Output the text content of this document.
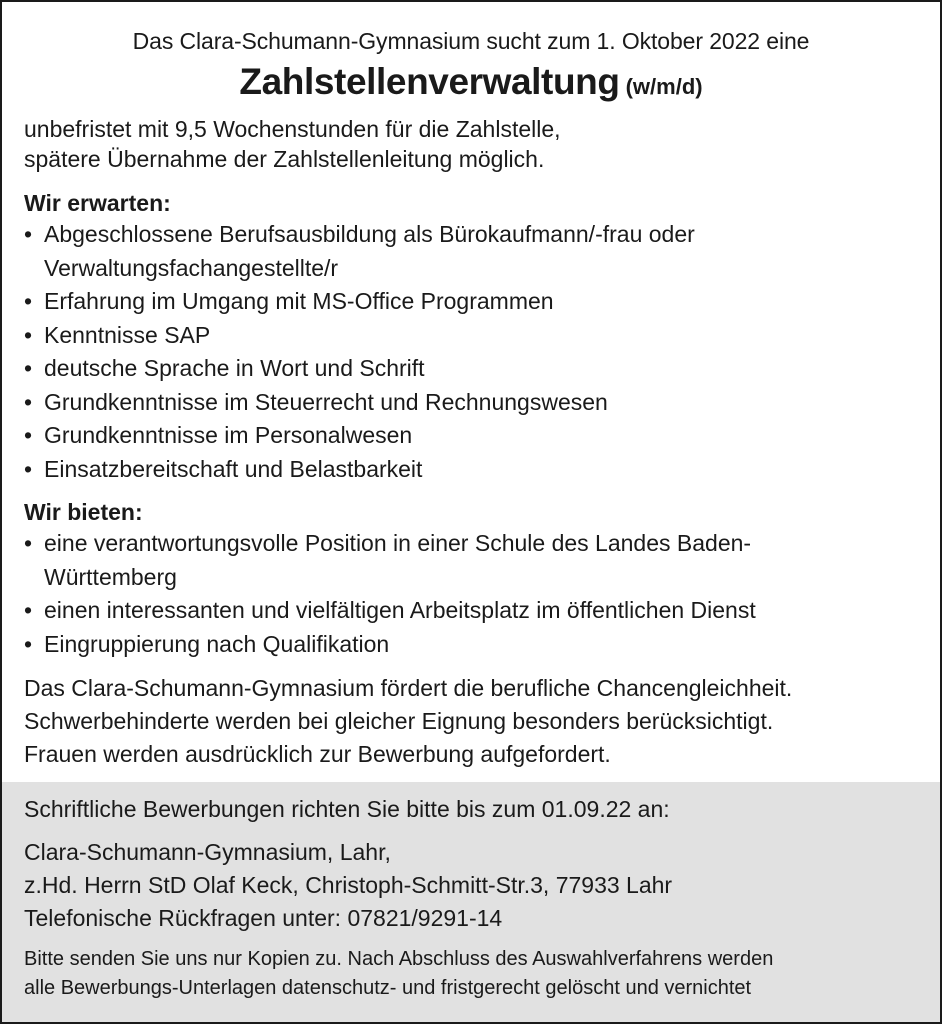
Das Clara-Schumann-Gymnasium sucht zum 1. Oktober 2022 eine

Zahlstellenverwaltung (w/m/d)

unbefristet mit 9,5 Wochenstunden für die Zahlstelle,
spätere Übernahme der Zahlstellenleitung möglich.

Wir erwarten:

• Abgeschlossene Berufsausbildung als Bürokaufmann/-frau oder
Verwaltungsfachangestellte/r
• Erfahrung im Umgang mit MS-Office Programmen
• Kenntnisse SAP
• deutsche Sprache in Wort und Schrift
• Grundkenntnisse im Steuerrecht und Rechnungswesen
• Grundkenntnisse im Personalwesen
• Einsatzbereitschaft und Belastbarkeit

Wir bieten:

• eine verantwortungsvolle Position in einer Schule des Landes Baden-
Württemberg
• einen interessanten und vielfältigen Arbeitsplatz im öffentlichen Dienst
• Eingruppierung nach Qualifikation

Das Clara-Schumann-Gymnasium fördert die berufliche Chancengleichheit.
Schwerbehinderte werden bei gleicher Eignung besonders berücksichtigt.
Frauen werden ausdrücklich zur Bewerbung aufgefordert.

Schriftliche Bewerbungen richten Sie bitte bis zum 01.09.22 an:

Clara-Schumann-Gymnasium, Lahr,

z.Hd. Herrn StD Olaf Keck, Christoph-Schmitt-Str.3, 77933 Lahr

Telefonische Rückfragen unter: 07821/9291-14

Bitte senden Sie uns nur Kopien zu. Nach Abschluss des Auswahlverfahrens werden
alle Bewerbungs-Unterlagen datenschutz- und fristgerecht gelöscht und vernichtet
